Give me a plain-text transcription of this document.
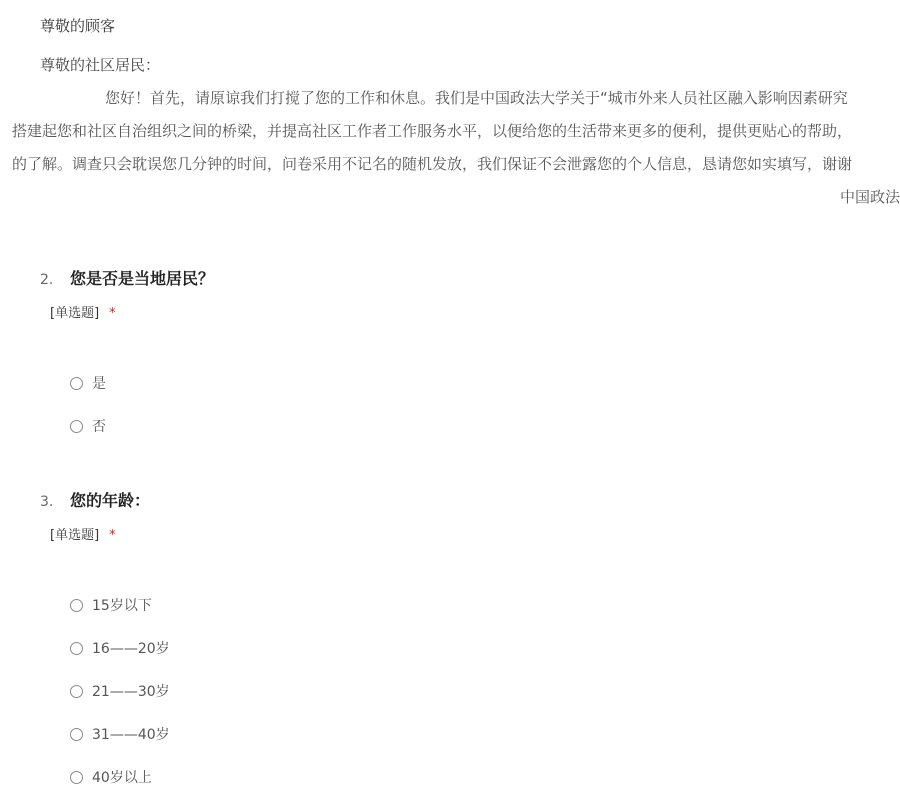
尊敬的顾客
尊敬的社区居民：
您好！首先，请原谅我们打搅了您的工作和休息。我们是中国政法大学关于“城市外来人员社区融入影响因素研究
搭建起您和社区自治组织之间的桥梁，并提高社区工作者工作服务水平，以便给您的生活带来更多的便利，提供更贴心的帮助，
的了解。调查只会耽误您几分钟的时间，问卷采用不记名的随机发放，我们保证不会泄露您的个人信息，恳请您如实填写，谢谢
中国政法
2.	您是否是当地居民？
[单选题] *
是
否
3.	您的年龄：
[单选题] *
15岁以下
16——20岁
21——30岁
31——40岁
40岁以上
